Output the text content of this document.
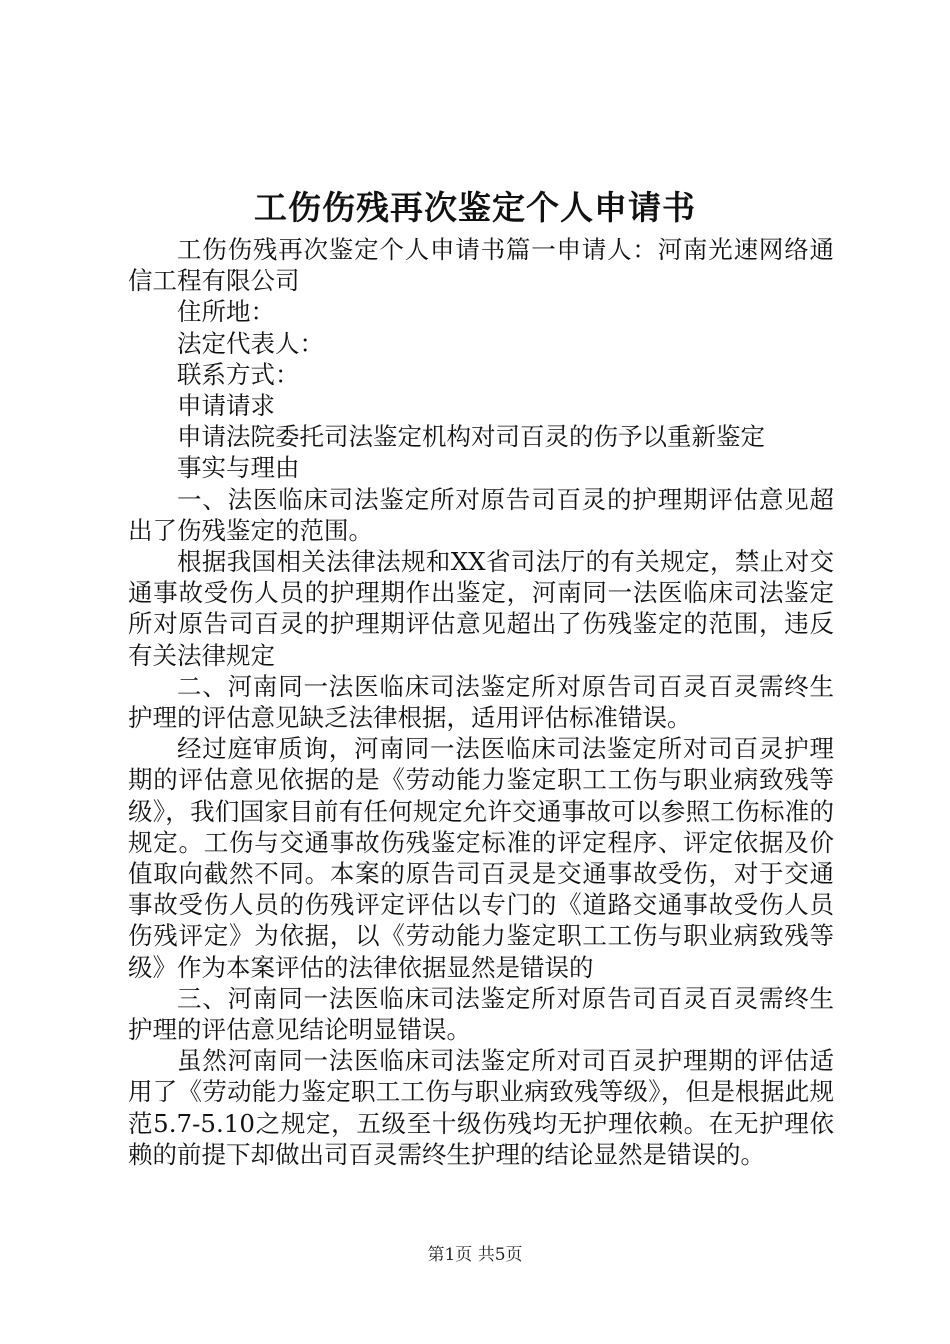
工伤伤残再次鉴定个人申请书

工伤伤残再次鉴定个人申请书篇一申请人：河南光速网络通信工程有限公司

住所地：

法定代表人：

联系方式：

申请请求

申请法院委托司法鉴定机构对司百灵的伤予以重新鉴定

事实与理由

一、法医临床司法鉴定所对原告司百灵的护理期评估意见超出了伤残鉴定的范围。

根据我国相关法律法规和XX省司法厅的有关规定，禁止对交通事故受伤人员的护理期作出鉴定，河南同一法医临床司法鉴定所对原告司百灵的护理期评估意见超出了伤残鉴定的范围，违反有关法律规定

二、河南同一法医临床司法鉴定所对原告司百灵百灵需终生护理的评估意见缺乏法律根据，适用评估标准错误。

经过庭审质询，河南同一法医临床司法鉴定所对司百灵护理期的评估意见依据的是《劳动能力鉴定职工工伤与职业病致残等级》，我们国家目前有任何规定允许交通事故可以参照工伤标准的规定。工伤与交通事故伤残鉴定标准的评定程序、评定依据及价值取向截然不同。本案的原告司百灵是交通事故受伤，对于交通事故受伤人员的伤残评定评估以专门的《道路交通事故受伤人员伤残评定》为依据，以《劳动能力鉴定职工工伤与职业病致残等级》作为本案评估的法律依据显然是错误的

三、河南同一法医临床司法鉴定所对原告司百灵百灵需终生护理的评估意见结论明显错误。

虽然河南同一法医临床司法鉴定所对司百灵护理期的评估适用了《劳动能力鉴定职工工伤与职业病致残等级》，但是根据此规范5.7-5.10之规定，五级至十级伤残均无护理依赖。在无护理依赖的前提下却做出司百灵需终生护理的结论显然是错误的。

第1页 共5页
